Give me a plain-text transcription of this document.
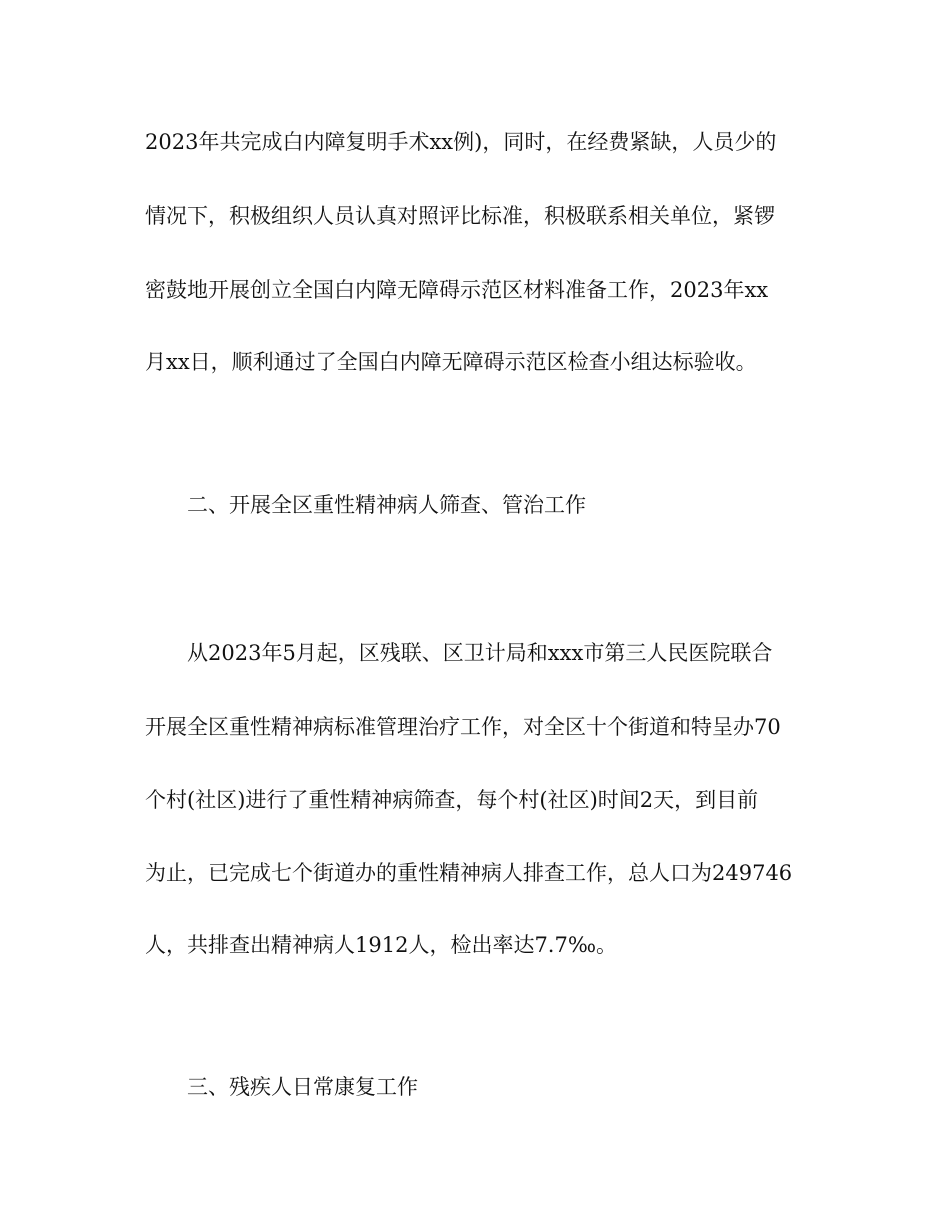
2023年共完成白内障复明手术xx例)，同时，在经费紧缺，人员少的

情况下，积极组织人员认真对照评比标准，积极联系相关单位，紧锣

密鼓地开展创立全国白内障无障碍示范区材料准备工作，2023年xx

月xx日，顺利通过了全国白内障无障碍示范区检查小组达标验收。

二、开展全区重性精神病人筛查、管治工作

从2023年5月起，区残联、区卫计局和xxx市第三人民医院联合

开展全区重性精神病标准管理治疗工作，对全区十个街道和特呈办70

个村(社区)进行了重性精神病筛查，每个村(社区)时间2天，到目前

为止，已完成七个街道办的重性精神病人排查工作，总人口为249746

人，共排查出精神病人1912人，检出率达7.7‰。

三、残疾人日常康复工作
